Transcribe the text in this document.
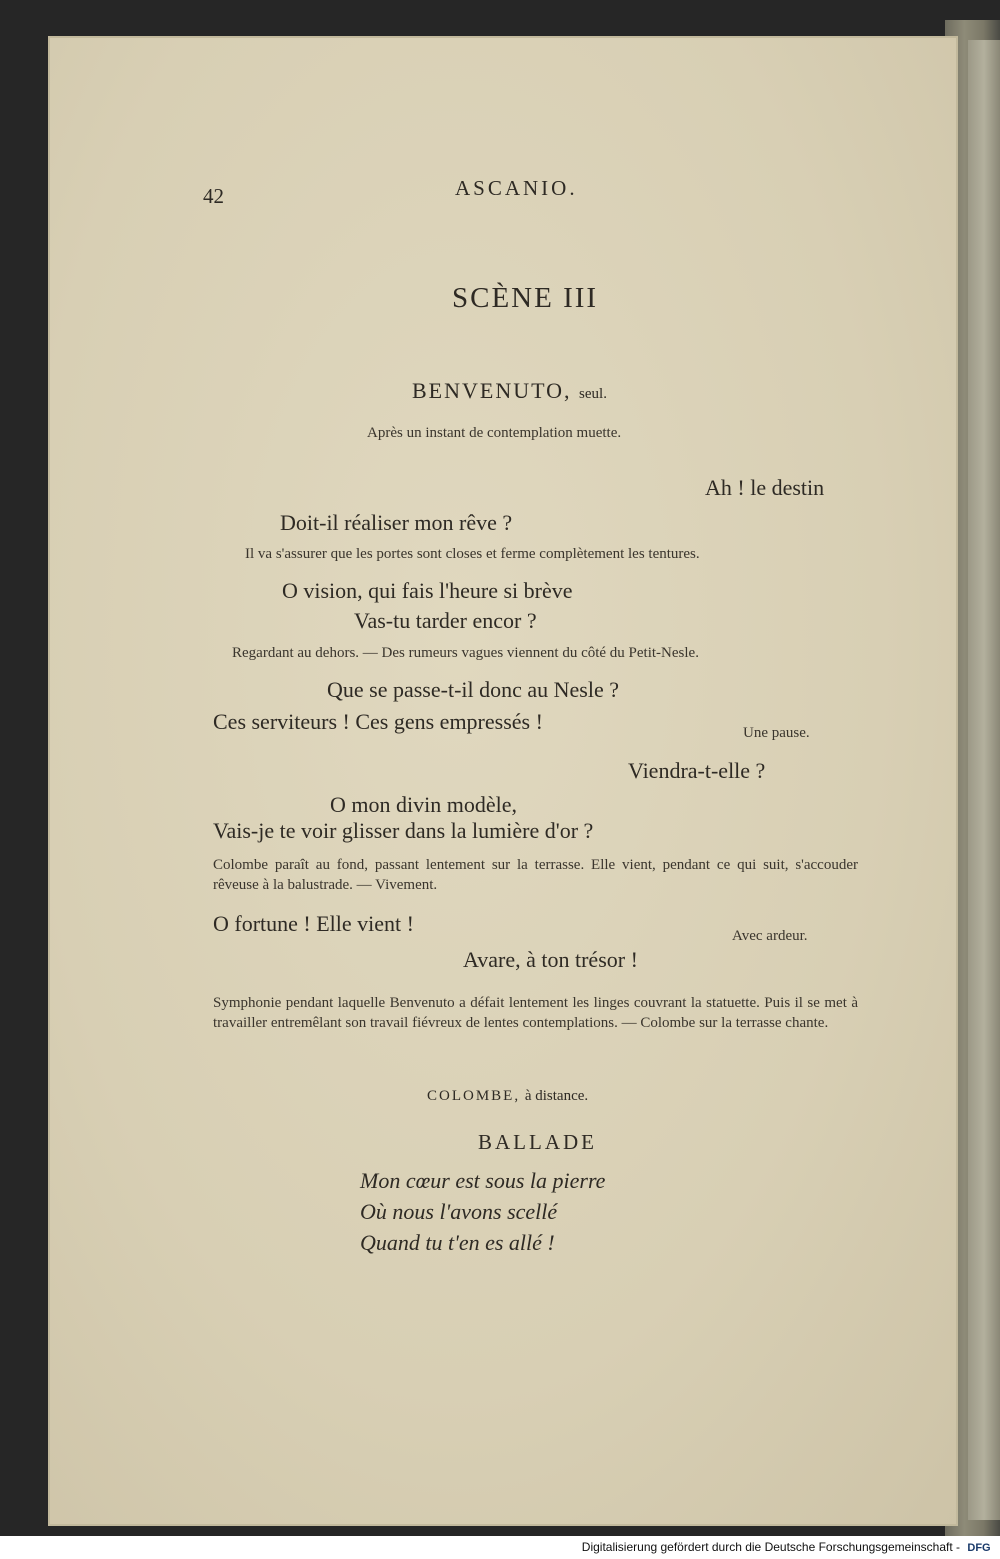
42	ASCANIO.
SCÈNE III
BENVENUTO, seul.
Après un instant de contemplation muette.
Ah ! le destin
Doit-il réaliser mon rêve ?
Il va s'assurer que les portes sont closes et ferme complètement les tentures.
O vision, qui fais l'heure si brève
Vas-tu tarder encor ?
Regardant au dehors. — Des rumeurs vagues viennent du côté du Petit-Nesle.
Que se passe-t-il donc au Nesle ?
Ces serviteurs ! Ces gens empressés !	Une pause.
Viendra-t-elle ?
O mon divin modèle,
Vais-je te voir glisser dans la lumière d'or ?
Colombe paraît au fond, passant lentement sur la terrasse. Elle vient, pendant ce qui suit, s'accouder rêveuse à la balustrade. — Vivement.
O fortune ! Elle vient !	Avec ardeur.
Avare, à ton trésor !
Symphonie pendant laquelle Benvenuto a défait lentement les linges couvrant la statuette. Puis il se met à travailler entremêlant son travail fiévreux de lentes contemplations. — Colombe sur la terrasse chante.
COLOMBE, à distance.
BALLADE
Mon cœur est sous la pierre
Où nous l'avons scellé
Quand tu t'en es allé !
Digitalisierung gefördert durch die Deutsche Forschungsgemeinschaft - DFG
